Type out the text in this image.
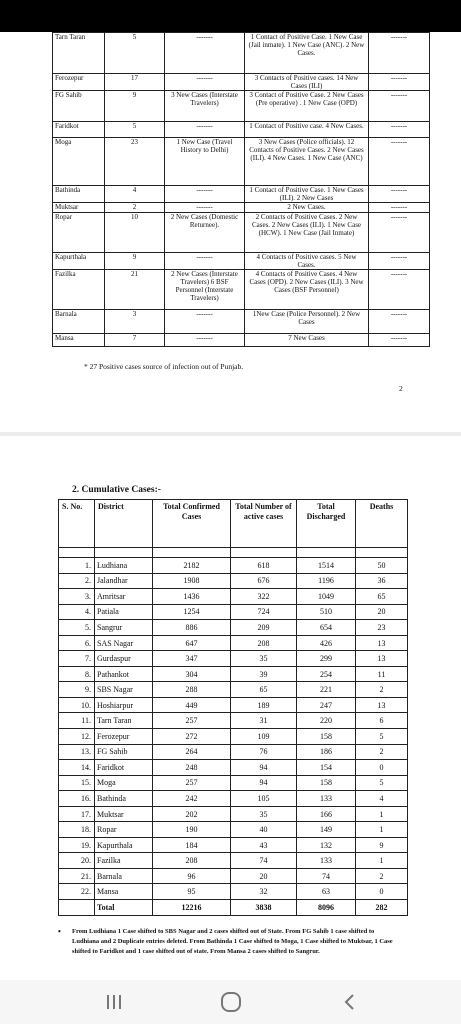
Tarn Taran	5	-------	1 Contact of Positive Case. 1 New Case (Jail inmate). 1 New Case (ANC). 2 New Cases.	-------
Ferozepur	17	-------	3 Contacts of Positive cases. 14 New Cases (ILI)	-------
FG Sahib	9	3 New Cases (Interstate Travelers)	3 Contact of Positive Case. 2 New Cases (Pre operative) . 1 New Case (OPD)	-------
Faridkot	5	-------	1 Contact of Positive case. 4 New Cases.	-------
Moga	23	1 New Case (Travel History to Delhi)	3 New Cases (Police officials). 12 Contacts of Positive Cases. 2 New Cases (ILI). 4 New Cases. 1 New Case (ANC)	-------
Bathinda	4	-------	1 Contact of Positive Case. 1 New Cases (ILI). 2 New Cases	-------
Muktsar	2	-------	2 New Cases.	-------
Ropar	10	2 New Cases (Domestic Returnee).	2 Contacts of Positive Cases. 2 New Cases. 2 New Cases (ILI). 1 New Case (HCW). 1 New Case (Jail Inmate)	-------
Kapurthala	9	-------	4 Contacts of Positive cases. 5 New Cases.	-------
Fazilka	21	2 New Cases (Interstate Travelers) 6 BSF Personnel (Interstate Travelers)	4 Contacts of Positive Cases. 4 New Cases (OPD). 2 New Cases (ILI). 3 New Cases (BSF Personnel)	-------
Barnala	3	-------	1New Case (Police Personnel). 2 New Cases	-------
Mansa	7	-------	7 New Cases	-------
* 27 Positive cases source of infection out of Punjab.
2
2. Cumulative Cases:-
S. No.	District	Total Confirmed Cases	Total Number of active cases	Total Discharged	Deaths

1.	Ludhiana	2182	618	1514	50
2.	Jalandhar	1908	676	1196	36
3.	Amritsar	1436	322	1049	65
4.	Patiala	1254	724	510	20
5.	Sangrur	886	209	654	23
6.	SAS Nagar	647	208	426	13
7.	Gurdaspur	347	35	299	13
8.	Pathankot	304	39	254	11
9.	SBS Nagar	288	65	221	2
10.	Hoshiarpur	449	189	247	13
11.	Tarn Taran	257	31	220	6
12.	Ferozepur	272	109	158	5
13.	FG Sahib	264	76	186	2
14.	Faridkot	248	94	154	0
15.	Moga	257	94	158	5
16.	Bathinda	242	105	133	4
17.	Muktsar	202	35	166	1
18.	Ropar	190	40	149	1
19.	Kapurthala	184	43	132	9
20.	Fazilka	208	74	133	1
21.	Barnala	96	20	74	2
22.	Mansa	95	32	63	0
	Total	12216	3838	8096	282
• From Ludhiana 1 Case shifted to SBS Nagar and 2 cases shifted out of State. From FG Sahib 1 case shifted to Ludhiana and 2 Duplicate entries deleted. From Bathinda 1 Case shifted to Moga, 1 Case shifted to Muktsar, 1 Case shifted to Faridkot and 1 case shifted out of state. From Mansa 2 cases shifted to Sangrur.
